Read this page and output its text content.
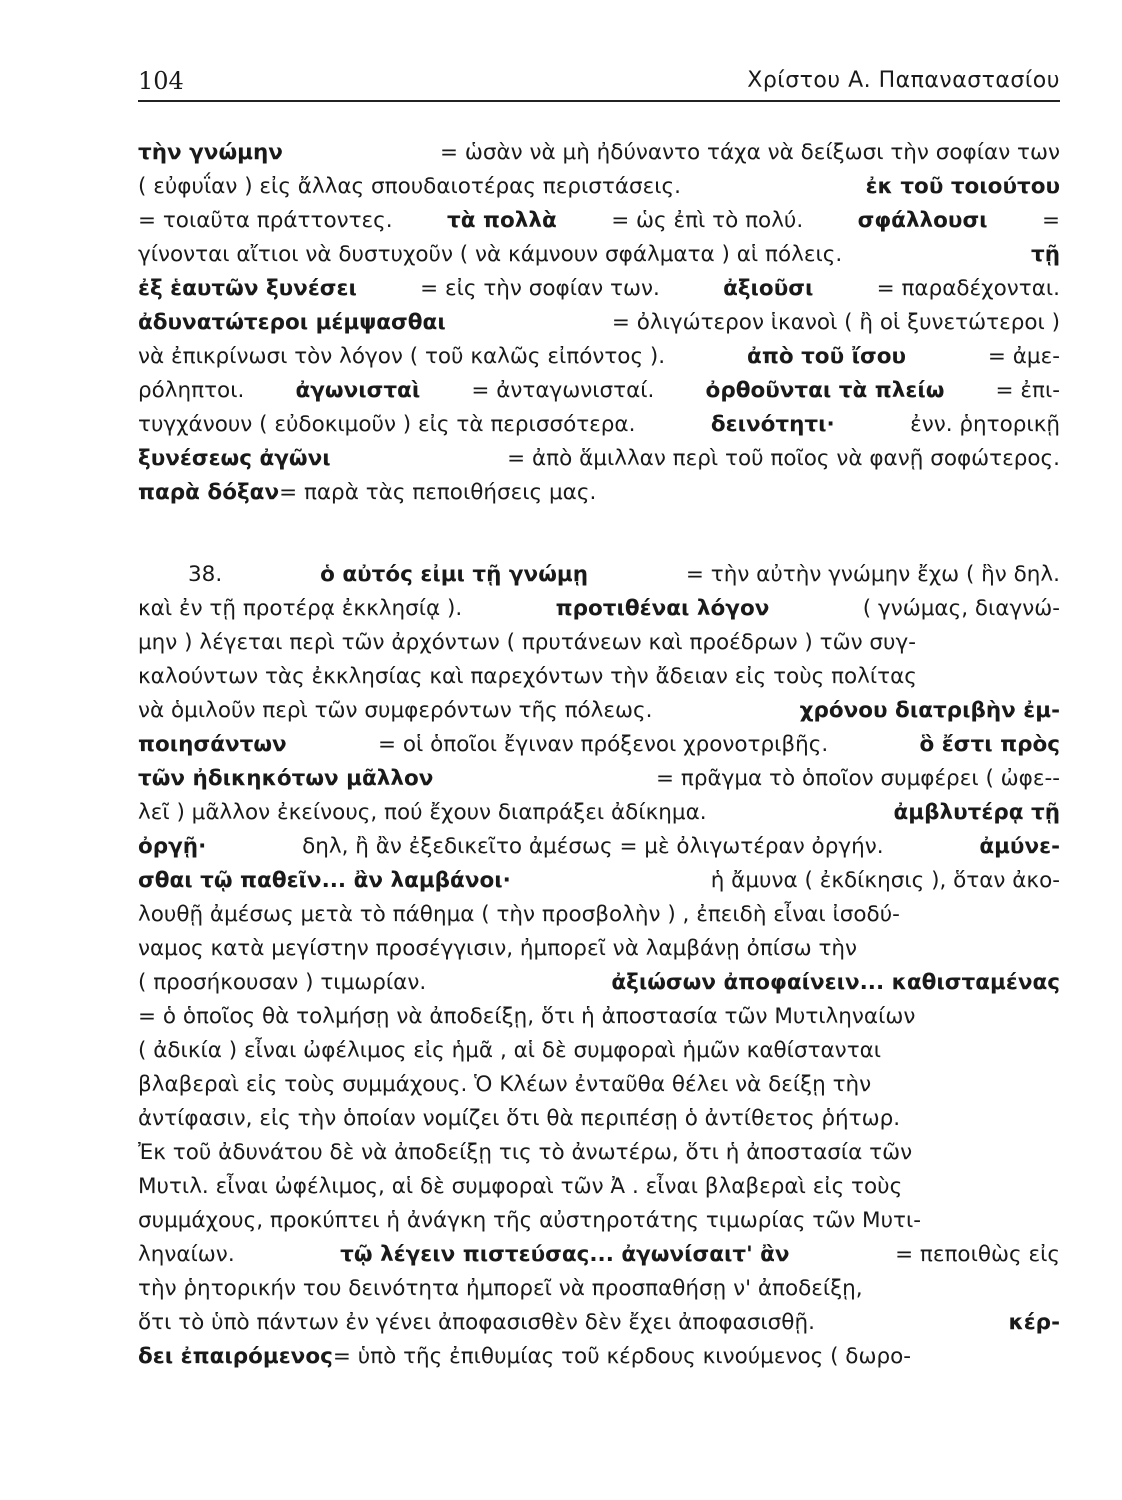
104	Χρίστου Α. Παπαναστασίου
τὴν γνώμην	= ὡσὰν νὰ μὴ ἠδύναντο τάχα νὰ δείξωσι τὴν σοφίαν των
( εὐφυΐαν ) εἰς ἄλλας σπουδαιοτέρας περιστάσεις.	ἐκ τοῦ τοιούτου
= τοιαῦτα πράττοντες.	τὰ πολλὰ	= ὡς ἐπὶ τὸ πολύ.	σφάλλουσι	=
γίνονται αἴτιοι νὰ δυστυχοῦν ( νὰ κάμνουν σφάλματα ) αἱ πόλεις.	τῇ
ἐξ ἑαυτῶν ξυνέσει	= εἰς τὴν σοφίαν των.	ἀξιοῦσι	= παραδέχονται.
ἀδυνατώτεροι μέμψασθαι	= ὀλιγώτερον ἱκανοὶ ( ἢ οἱ ξυνετώτεροι )
νὰ ἐπικρίνωσι τὸν λόγον ( τοῦ καλῶς εἰπόντος ).	ἀπὸ τοῦ ἴσου	= ἀμε-
ρόληπτοι. ἀγωνισταὶ = ἀνταγωνισταί. ὀρθοῦνται τὰ πλείω = ἐπι-
τυγχάνουν ( εὐδοκιμοῦν ) εἰς τὰ περισσότερα.	δεινότητι·	ἐνν. ῥητορικῇ
ξυνέσεως ἀγῶνι	= ἀπὸ ἅμιλλαν περὶ τοῦ ποῖος νὰ φανῇ σοφώτερος.
παρὰ δόξαν = παρὰ τὰς πεποιθήσεις μας.
38.	ὁ αὐτός εἰμι τῇ γνώμῃ	= τὴν αὐτὴν γνώμην ἔχω ( ἣν δηλ.
καὶ ἐν τῇ προτέρᾳ ἐκκλησίᾳ ).	προτιθέναι λόγον	( γνώμας, διαγνώ-
μην ) λέγεται περὶ τῶν ἀρχόντων ( πρυτάνεων καὶ προέδρων ) τῶν συγ-
καλούντων τὰς ἐκκλησίας καὶ παρεχόντων τὴν ἄδειαν εἰς τοὺς πολίτας
νὰ ὁμιλοῦν περὶ τῶν συμφερόντων τῆς πόλεως.	χρόνου διατριβὴν ἐμ-
ποιησάντων	= οἱ ὁποῖοι ἔγιναν πρόξενοι χρονοτριβῆς.	ὃ ἔστι πρὸς
τῶν ἠδικηκότων μᾶλλον	= πρᾶγμα τὸ ὁποῖον συμφέρει ( ὠφε--
λεῖ ) μᾶλλον ἐκείνους, πού ἔχουν διαπράξει ἀδίκημα.	ἀμβλυτέρᾳ τῇ
ὀργῇ·	δηλ, ἢ ἂν ἐξεδικεῖτο ἀμέσως = μὲ ὀλιγωτέραν ὀργήν.	ἀμύνε-
σθαι τῷ παθεῖν... ἂν λαμβάνοι·	ἡ ἄμυνα ( ἐκδίκησις ), ὅταν ἀκο-
λουθῇ ἀμέσως μετὰ τὸ πάθημα ( τὴν προσβολὴν ) , ἐπειδὴ εἶναι ἰσοδύ-
ναμος κατὰ μεγίστην προσέγγισιν, ἠμπορεῖ νὰ λαμβάνῃ ὀπίσω τὴν
( προσήκουσαν ) τιμωρίαν.	ἀξιώσων ἀποφαίνειν... καθισταμένας
= ὁ ὁποῖος θὰ τολμήσῃ νὰ ἀποδείξῃ, ὅτι ἡ ἀποστασία τῶν Μυτιληναίων
( ἀδικία ) εἶναι ὠφέλιμος εἰς ἡμᾶ , αἱ δὲ συμφοραὶ ἡμῶν καθίστανται
βλαβεραὶ εἰς τοὺς συμμάχους. Ὁ Κλέων ἐνταῦθα θέλει νὰ δείξῃ τὴν
ἀντίφασιν, εἰς τὴν ὁποίαν νομίζει ὅτι θὰ περιπέσῃ ὁ ἀντίθετος ῥήτωρ.
Ἐκ τοῦ ἀδυνάτου δὲ νὰ ἀποδείξῃ τις τὸ ἀνωτέρω, ὅτι ἡ ἀποστασία τῶν
Μυτιλ. εἶναι ὠφέλιμος, αἱ δὲ συμφοραὶ τῶν Ἀ . εἶναι βλαβεραὶ εἰς τοὺς
συμμάχους, προκύπτει ἡ ἀνάγκη τῆς αὐστηροτάτης τιμωρίας τῶν Μυτι-
ληναίων.	τῷ λέγειν πιστεύσας... ἀγωνίσαιτ' ἂν	= πεποιθὼς εἰς
τὴν ῥητορικήν του δεινότητα ἠμπορεῖ νὰ προσπαθήσῃ ν' ἀποδείξῃ,
ὅτι τὸ ὑπὸ πάντων ἐν γένει ἀποφασισθὲν δὲν ἔχει ἀποφασισθῇ.	κέρ-
δει ἐπαιρόμενος = ὑπὸ τῆς ἐπιθυμίας τοῦ κέρδους κινούμενος ( δωρο-
